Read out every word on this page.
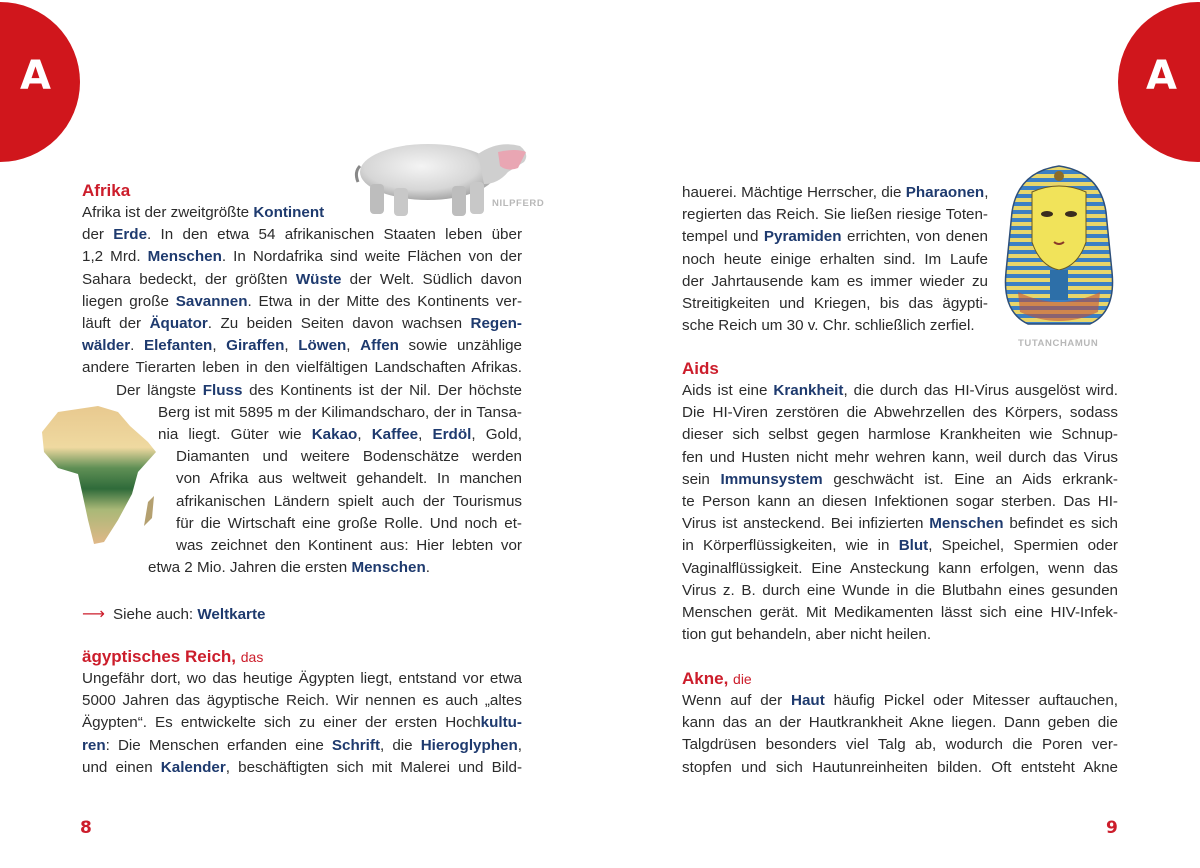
A
NILPFERD
Afrika
Afrika ist der zweitgrößte Kontinent
der Erde. In den etwa 54 afrikanischen Staaten leben über
1,2 Mrd. Menschen. In Nordafrika sind weite Flächen von der
Sahara bedeckt, der größten Wüste der Welt. Südlich davon
liegen große Savannen. Etwa in der Mitte des Kontinents ver-
läuft der Äquator. Zu beiden Seiten davon wachsen Regen-
wälder. Elefanten, Giraffen, Löwen, Affen sowie unzählige
andere Tierarten leben in den vielfältigen Landschaften Afrikas.
Der längste Fluss des Kontinents ist der Nil. Der höchste
Berg ist mit 5895 m der Kilimandscharo, der in Tansa-
nia liegt. Güter wie Kakao, Kaffee, Erdöl, Gold,
Diamanten und weitere Bodenschätze werden
von Afrika aus weltweit gehandelt. In manchen
afrikanischen Ländern spielt auch der Tourismus
für die Wirtschaft eine große Rolle. Und noch et-
was zeichnet den Kontinent aus: Hier lebten vor
etwa 2 Mio. Jahren die ersten Menschen.
⟶ Siehe auch: Weltkarte
ägyptisches Reich, das
Ungefähr dort, wo das heutige Ägypten liegt, entstand vor etwa
5000 Jahren das ägyptische Reich. Wir nennen es auch „altes
Ägypten“. Es entwickelte sich zu einer der ersten Hochkultu-
ren: Die Menschen erfanden eine Schrift, die Hieroglyphen,
und einen Kalender, beschäftigten sich mit Malerei und Bild-
8
A
TUTANCHAMUN
hauerei. Mächtige Herrscher, die Pharaonen,
regierten das Reich. Sie ließen riesige Toten-
tempel und Pyramiden errichten, von denen
noch heute einige erhalten sind. Im Laufe
der Jahrtausende kam es immer wieder zu
Streitigkeiten und Kriegen, bis das ägypti-
sche Reich um 30 v. Chr. schließlich zerfiel.
Aids
Aids ist eine Krankheit, die durch das HI-Virus ausgelöst wird.
Die HI-Viren zerstören die Abwehrzellen des Körpers, sodass
dieser sich selbst gegen harmlose Krankheiten wie Schnup-
fen und Husten nicht mehr wehren kann, weil durch das Virus
sein Immunsystem geschwächt ist. Eine an Aids erkrank-
te Person kann an diesen Infektionen sogar sterben. Das HI-
Virus ist ansteckend. Bei infizierten Menschen befindet es sich
in Körperflüssigkeiten, wie in Blut, Speichel, Spermien oder
Vaginalflüssigkeit. Eine Ansteckung kann erfolgen, wenn das
Virus z. B. durch eine Wunde in die Blutbahn eines gesunden
Menschen gerät. Mit Medikamenten lässt sich eine HIV-Infek-
tion gut behandeln, aber nicht heilen.
Akne, die
Wenn auf der Haut häufig Pickel oder Mitesser auftauchen,
kann das an der Hautkrankheit Akne liegen. Dann geben die
Talgdrüsen besonders viel Talg ab, wodurch die Poren ver-
stopfen und sich Hautunreinheiten bilden. Oft entsteht Akne
9
